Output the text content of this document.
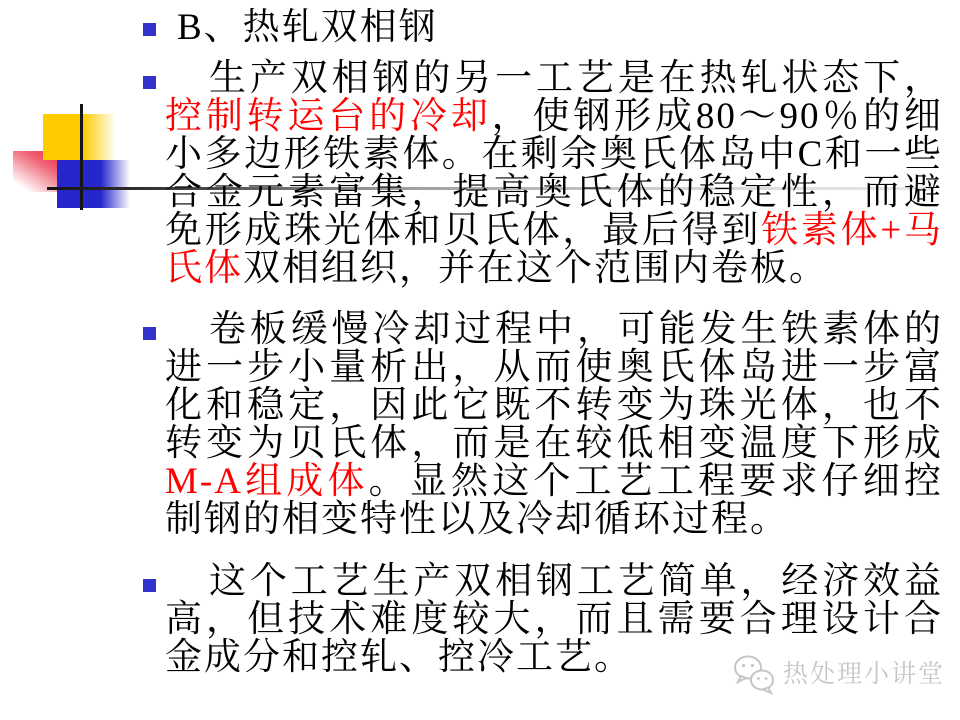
B、热轧双相钢
生产双相钢的另一工艺是在热轧状态下，控制转运台的冷却，使钢形成80～90％的细小多边形铁素体。在剩余奥氏体岛中C和一些合金元素富集，提高奥氏体的稳定性，而避免形成珠光体和贝氏体，最后得到铁素体+马氏体双相组织，并在这个范围内卷板。
卷板缓慢冷却过程中，可能发生铁素体的进一步小量析出，从而使奥氏体岛进一步富化和稳定，因此它既不转变为珠光体，也不转变为贝氏体，而是在较低相变温度下形成M-A组成体。显然这个工艺工程要求仔细控制钢的相变特性以及冷却循环过程。
这个工艺生产双相钢工艺简单，经济效益高，但技术难度较大，而且需要合理设计合金成分和控轧、控冷工艺。	热处理小讲堂
